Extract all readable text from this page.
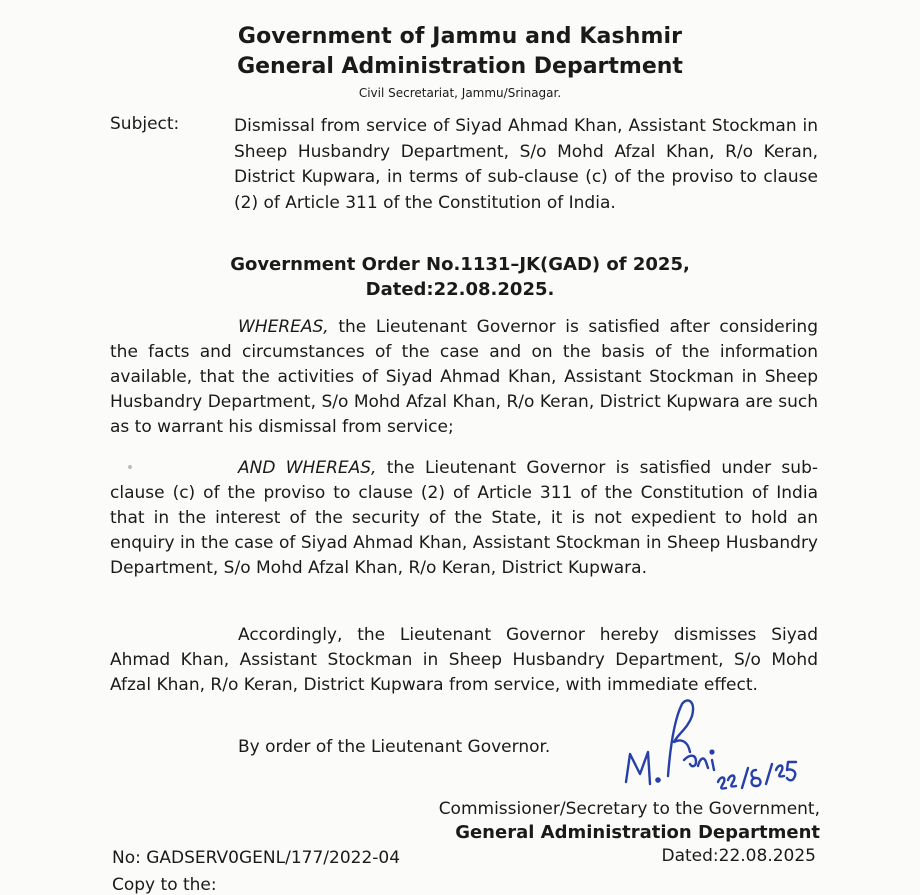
Government of Jammu and Kashmir
General Administration Department
Civil Secretariat, Jammu/Srinagar.
Subject:	Dismissal from service of Siyad Ahmad Khan, Assistant Stockman in Sheep Husbandry Department, S/o Mohd Afzal Khan, R/o Keran, District Kupwara, in terms of sub-clause (c) of the proviso to clause (2) of Article 311 of the Constitution of India.
Government Order No.1131–JK(GAD) of 2025,
Dated:22.08.2025.
WHEREAS, the Lieutenant Governor is satisfied after considering the facts and circumstances of the case and on the basis of the information available, that the activities of Siyad Ahmad Khan, Assistant Stockman in Sheep Husbandry Department, S/o Mohd Afzal Khan, R/o Keran, District Kupwara are such as to warrant his dismissal from service;
AND WHEREAS, the Lieutenant Governor is satisfied under sub-clause (c) of the proviso to clause (2) of Article 311 of the Constitution of India that in the interest of the security of the State, it is not expedient to hold an enquiry in the case of Siyad Ahmad Khan, Assistant Stockman in Sheep Husbandry Department, S/o Mohd Afzal Khan, R/o Keran, District Kupwara.
Accordingly, the Lieutenant Governor hereby dismisses Siyad Ahmad Khan, Assistant Stockman in Sheep Husbandry Department, S/o Mohd Afzal Khan, R/o Keran, District Kupwara from service, with immediate effect.
By order of the Lieutenant Governor.
Commissioner/Secretary to the Government,
General Administration Department
No: GADSERV0GENL/177/2022-04	Dated:22.08.2025
Copy to the:
